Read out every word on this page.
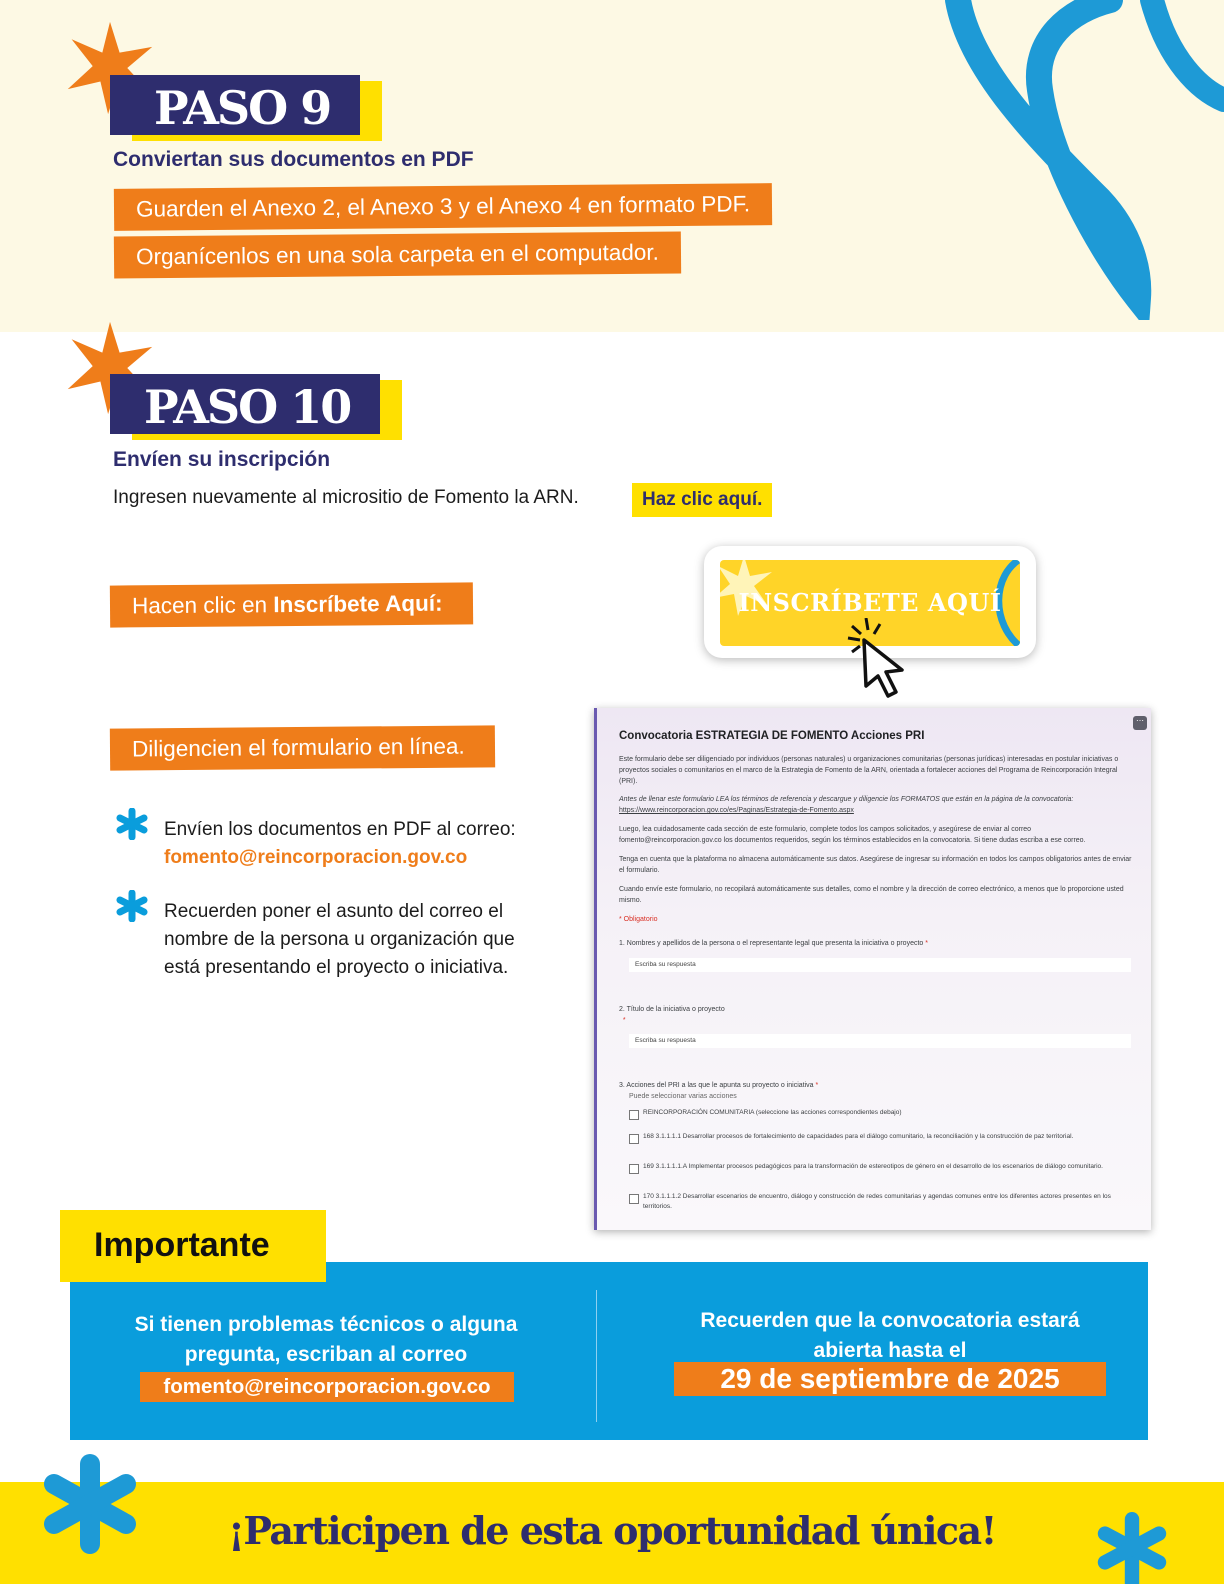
PASO 9
Conviertan sus documentos en PDF
Guarden el Anexo 2, el Anexo 3 y el Anexo 4 en formato PDF.
Organícenlos en una sola carpeta en el computador.
PASO 10
Envíen su inscripción
Ingresen nuevamente al micrositio de Fomento la ARN.	Haz clic aquí.
Hacen clic en Inscríbete Aquí:	INSCRÍBETE AQUÍ
Diligencien el formulario en línea.
Envíen los documentos en PDF al correo:
fomento@reincorporacion.gov.co
Recuerden poner el asunto del correo el nombre de la persona u organización que está presentando el proyecto o iniciativa.
⋯
Convocatoria ESTRATEGIA DE FOMENTO Acciones PRI
Este formulario debe ser diligenciado por individuos (personas naturales) u organizaciones comunitarias (personas jurídicas) interesadas en postular iniciativas o proyectos sociales o comunitarios en el marco de la Estrategia de Fomento de la ARN, orientada a fortalecer acciones del Programa de Reincorporación Integral (PRI).
Antes de llenar este formulario LEA los términos de referencia y descargue y diligencie los FORMATOS que están en la página de la convocatoria:
https://www.reincorporacion.gov.co/es/Paginas/Estrategia-de-Fomento.aspx
Luego, lea cuidadosamente cada sección de este formulario, complete todos los campos solicitados, y asegúrese de enviar al correo fomento@reincorporacion.gov.co los documentos requeridos, según los términos establecidos en la convocatoria. Si tiene dudas escriba a ese correo.
Tenga en cuenta que la plataforma no almacena automáticamente sus datos. Asegúrese de ingresar su información en todos los campos obligatorios antes de enviar el formulario.
Cuando envíe este formulario, no recopilará automáticamente sus detalles, como el nombre y la dirección de correo electrónico, a menos que lo proporcione usted mismo.
* Obligatorio
1. Nombres y apellidos de la persona o el representante legal que presenta la iniciativa o proyecto *
Escriba su respuesta
2. Título de la iniciativa o proyecto
*
Escriba su respuesta
3. Acciones del PRI a las que le apunta su proyecto o iniciativa *
Puede seleccionar varias acciones
REINCORPORACIÓN COMUNITARIA (seleccione las acciones correspondientes debajo)
168 3.1.1.1.1 Desarrollar procesos de fortalecimiento de capacidades para el diálogo comunitario, la reconciliación y la construcción de paz territorial.
169 3.1.1.1.1.A Implementar procesos pedagógicos para la transformación de estereotipos de género en el desarrollo de los escenarios de diálogo comunitario.
170 3.1.1.1.2 Desarrollar escenarios de encuentro, diálogo y construcción de redes comunitarias y agendas comunes entre los diferentes actores presentes en los territorios.
Importante
Si tienen problemas técnicos o alguna pregunta, escriban al correo
fomento@reincorporacion.gov.co
Recuerden que la convocatoria estará abierta hasta el
29 de septiembre de 2025
¡Participen de esta oportunidad única!
